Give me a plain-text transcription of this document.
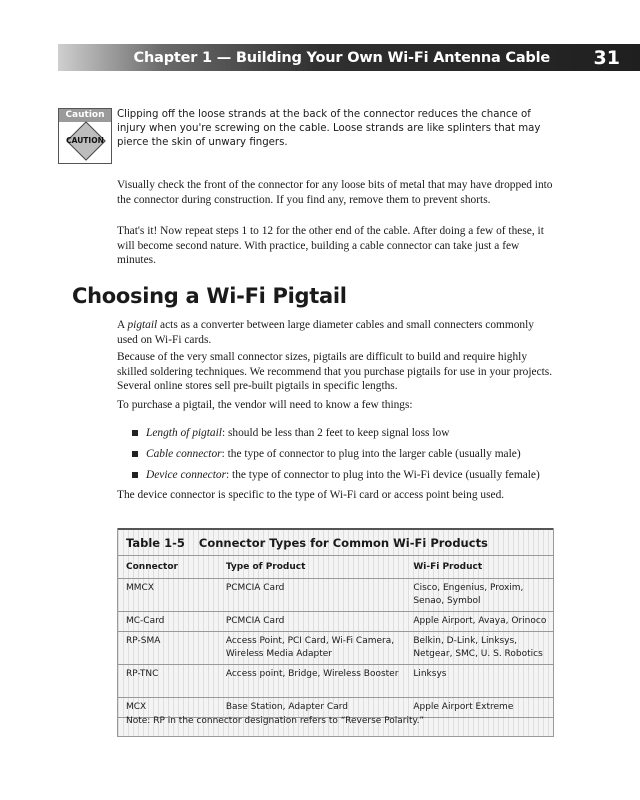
Chapter 1 — Building Your Own Wi-Fi Antenna Cable 31
Caution
CAUTION
Clipping off the loose strands at the back of the connector reduces the chance of injury when you're screwing on the cable. Loose strands are like splinters that may pierce the skin of unwary fingers.

Visually check the front of the connector for any loose bits of metal that may have dropped into the connector during construction. If you find any, remove them to prevent shorts.

That's it! Now repeat steps 1 to 12 for the other end of the cable. After doing a few of these, it will become second nature. With practice, building a cable connector can take just a few minutes.

Choosing a Wi-Fi Pigtail

A pigtail acts as a converter between large diameter cables and small connecters commonly used on Wi-Fi cards.

Because of the very small connector sizes, pigtails are difficult to build and require highly skilled soldering techniques. We recommend that you purchase pigtails for use in your projects. Several online stores sell pre-built pigtails in specific lengths.

To purchase a pigtail, the vendor will need to know a few things:

Length of pigtail: should be less than 2 feet to keep signal loss low
Cable connector: the type of connector to plug into the larger cable (usually male)
Device connector: the type of connector to plug into the Wi-Fi device (usually female)

The device connector is specific to the type of Wi-Fi card or access point being used.

Table 1-5 Connector Types for Common Wi-Fi Products
Connector	Type of Product	Wi-Fi Product
MMCX	PCMCIA Card	Cisco, Engenius, Proxim, Senao, Symbol
MC-Card	PCMCIA Card	Apple Airport, Avaya, Orinoco
RP-SMA	Access Point, PCI Card, Wi-Fi Camera, Wireless Media Adapter	Belkin, D-Link, Linksys, Netgear, SMC, U. S. Robotics
RP-TNC	Access point, Bridge, Wireless Booster	Linksys
MCX	Base Station, Adapter Card	Apple Airport Extreme
Note: RP in the connector designation refers to “Reverse Polarity.”
